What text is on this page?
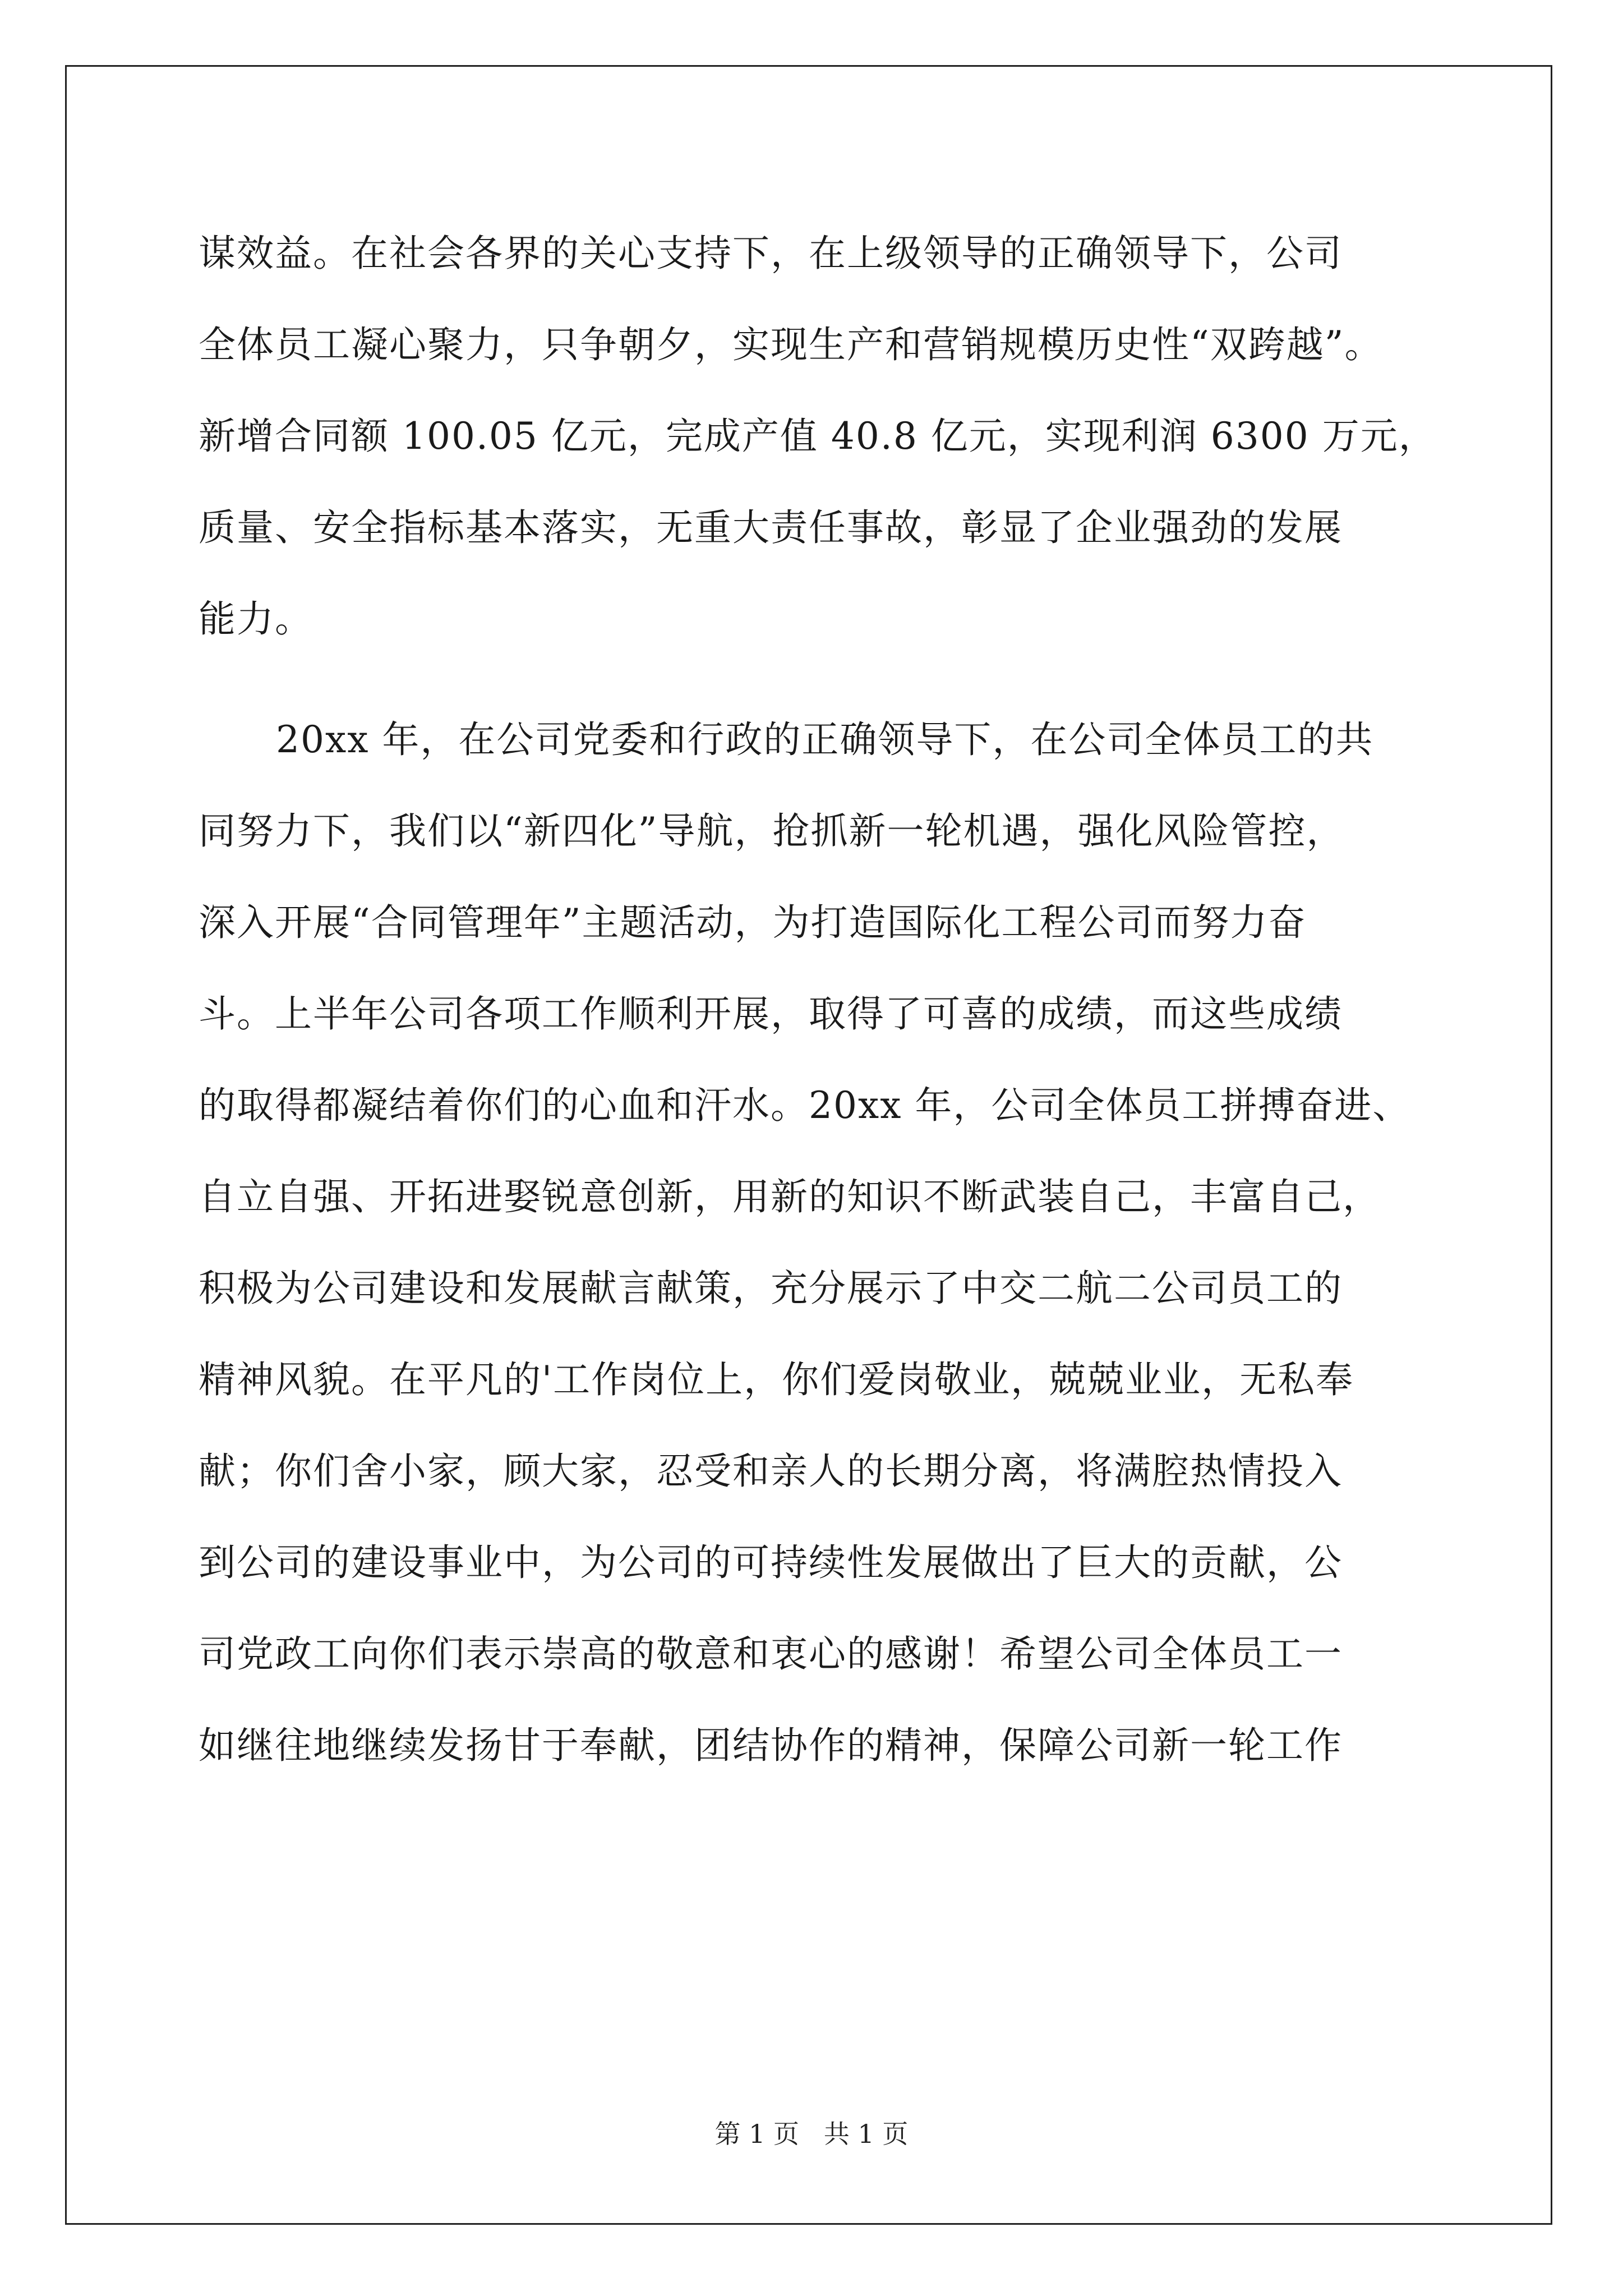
谋效益。在社会各界的关心支持下，在上级领导的正确领导下，公司
全体员工凝心聚力，只争朝夕，实现生产和营销规模历史性“双跨越”。
新增合同额 100.05 亿元，完成产值 40.8 亿元，实现利润 6300 万元，
质量、安全指标基本落实，无重大责任事故，彰显了企业强劲的发展
能力。
20xx 年，在公司党委和行政的正确领导下，在公司全体员工的共
同努力下，我们以“新四化”导航，抢抓新一轮机遇，强化风险管控，
深入开展“合同管理年”主题活动，为打造国际化工程公司而努力奋
斗。上半年公司各项工作顺利开展，取得了可喜的成绩，而这些成绩
的取得都凝结着你们的心血和汗水。20xx 年，公司全体员工拼搏奋进、
自立自强、开拓进娶锐意创新，用新的知识不断武装自己，丰富自己，
积极为公司建设和发展献言献策，充分展示了中交二航二公司员工的
精神风貌。在平凡的'工作岗位上，你们爱岗敬业，兢兢业业，无私奉
献；你们舍小家，顾大家，忍受和亲人的长期分离，将满腔热情投入
到公司的建设事业中，为公司的可持续性发展做出了巨大的贡献，公
司党政工向你们表示崇高的敬意和衷心的感谢！希望公司全体员工一
如继往地继续发扬甘于奉献，团结协作的精神，保障公司新一轮工作
第 1 页   共 1 页
